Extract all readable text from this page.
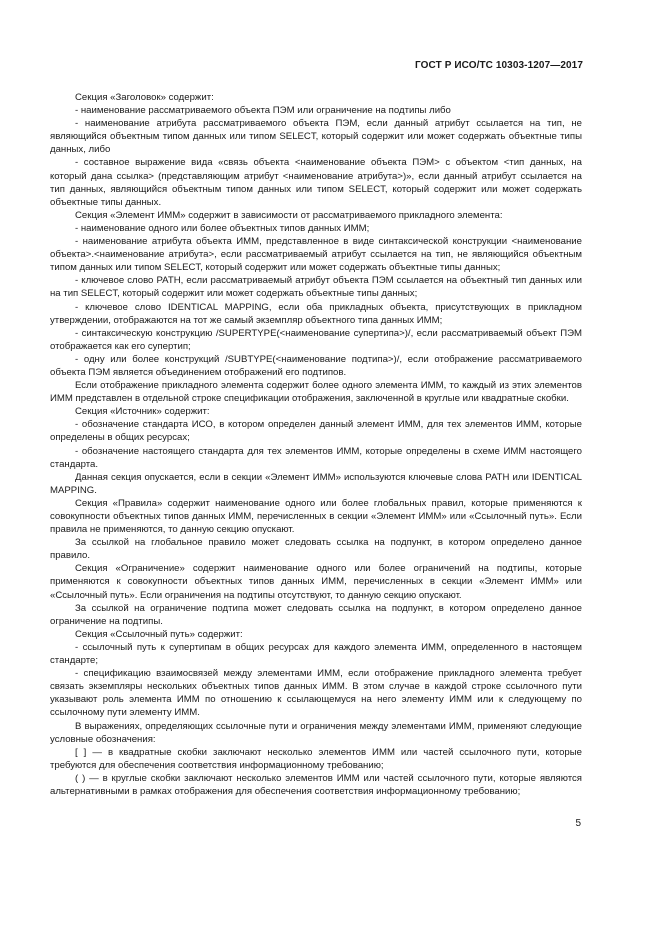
ГОСТ Р ИСО/ТС 10303-1207—2017

Секция «Заголовок» содержит:

- наименование рассматриваемого объекта ПЭМ или ограничение на подтипы либо

- наименование атрибута рассматриваемого объекта ПЭМ, если данный атрибут ссылается на тип, не являющийся объектным типом данных или типом SELECT, который содержит или может содержать объектные типы данных, либо

- составное выражение вида «связь объекта <наименование объекта ПЭМ> с объектом <тип данных, на который дана ссылка> (представляющим атрибут <наименование атрибута>)», если данный атрибут ссылается на тип данных, являющийся объектным типом данных или типом SELECT, который содержит или может содержать объектные типы данных.

Секция «Элемент ИММ» содержит в зависимости от рассматриваемого прикладного элемента:

- наименование одного или более объектных типов данных ИММ;

- наименование атрибута объекта ИММ, представленное в виде синтаксической конструкции <наименование объекта>.<наименование атрибута>, если рассматриваемый атрибут ссылается на тип, не являющийся объектным типом данных или типом SELECT, который содержит или может содержать объектные типы данных;

- ключевое слово PATH, если рассматриваемый атрибут объекта ПЭМ ссылается на объектный тип данных или на тип SELECT, который содержит или может содержать объектные типы данных;

- ключевое слово IDENTICAL MAPPING, если оба прикладных объекта, присутствующих в прикладном утверждении, отображаются на тот же самый экземпляр объектного типа данных ИММ;

- синтаксическую конструкцию /SUPERTYPE(<наименование супертипа>)/, если рассматриваемый объект ПЭМ отображается как его супертип;

- одну или более конструкций /SUBTYPE(<наименование подтипа>)/, если отображение рассматриваемого объекта ПЭМ является объединением отображений его подтипов.

Если отображение прикладного элемента содержит более одного элемента ИММ, то каждый из этих элементов ИММ представлен в отдельной строке спецификации отображения, заключенной в круглые или квадратные скобки.

Секция «Источник» содержит:

- обозначение стандарта ИСО, в котором определен данный элемент ИММ, для тех элементов ИММ, которые определены в общих ресурсах;

- обозначение настоящего стандарта для тех элементов ИММ, которые определены в схеме ИММ настоящего стандарта.

Данная секция опускается, если в секции «Элемент ИММ» используются ключевые слова PATH или IDENTICAL MAPPING.

Секция «Правила» содержит наименование одного или более глобальных правил, которые применяются к совокупности объектных типов данных ИММ, перечисленных в секции «Элемент ИММ» или «Ссылочный путь». Если правила не применяются, то данную секцию опускают.

За ссылкой на глобальное правило может следовать ссылка на подпункт, в котором определено данное правило.

Секция «Ограничение» содержит наименование одного или более ограничений на подтипы, которые применяются к совокупности объектных типов данных ИММ, перечисленных в секции «Элемент ИММ» или «Ссылочный путь». Если ограничения на подтипы отсутствуют, то данную секцию опускают.

За ссылкой на ограничение подтипа может следовать ссылка на подпункт, в котором определено данное ограничение на подтипы.

Секция «Ссылочный путь» содержит:

- ссылочный путь к супертипам в общих ресурсах для каждого элемента ИММ, определенного в настоящем стандарте;

- спецификацию взаимосвязей между элементами ИММ, если отображение прикладного элемента требует связать экземпляры нескольких объектных типов данных ИММ. В этом случае в каждой строке ссылочного пути указывают роль элемента ИММ по отношению к ссылающемуся на него элементу ИММ или к следующему по ссылочному пути элементу ИММ.

В выражениях, определяющих ссылочные пути и ограничения между элементами ИММ, применяют следующие условные обозначения:

[ ] — в квадратные скобки заключают несколько элементов ИММ или частей ссылочного пути, которые требуются для обеспечения соответствия информационному требованию;

( ) — в круглые скобки заключают несколько элементов ИММ или частей ссылочного пути, которые являются альтернативными в рамках отображения для обеспечения соответствия информационному требованию;

5
